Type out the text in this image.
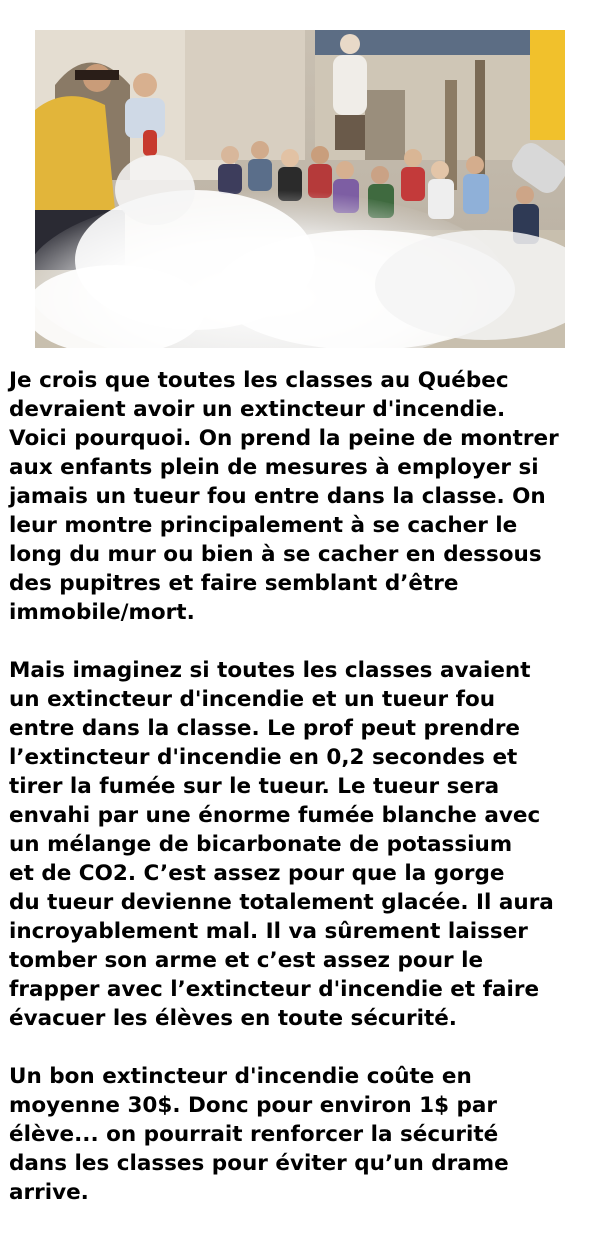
Je crois que toutes les classes au Québec
devraient avoir un extincteur d'incendie.
Voici pourquoi. On prend la peine de montrer
aux enfants plein de mesures à employer si
jamais un tueur fou entre dans la classe. On
leur montre principalement à se cacher le
long du mur ou bien à se cacher en dessous
des pupitres et faire semblant d’être
immobile/mort.

Mais imaginez si toutes les classes avaient
un extincteur d'incendie et un tueur fou
entre dans la classe. Le prof peut prendre
l’extincteur d'incendie en 0,2 secondes et
tirer la fumée sur le tueur. Le tueur sera
envahi par une énorme fumée blanche avec
un mélange de bicarbonate de potassium
et de CO2. C’est assez pour que la gorge
du tueur devienne totalement glacée. Il aura
incroyablement mal. Il va sûrement laisser
tomber son arme et c’est assez pour le
frapper avec l’extincteur d'incendie et faire
évacuer les élèves en toute sécurité.

Un bon extincteur d'incendie coûte en
moyenne 30$. Donc pour environ 1$ par
élève... on pourrait renforcer la sécurité
dans les classes pour éviter qu’un drame
arrive.
